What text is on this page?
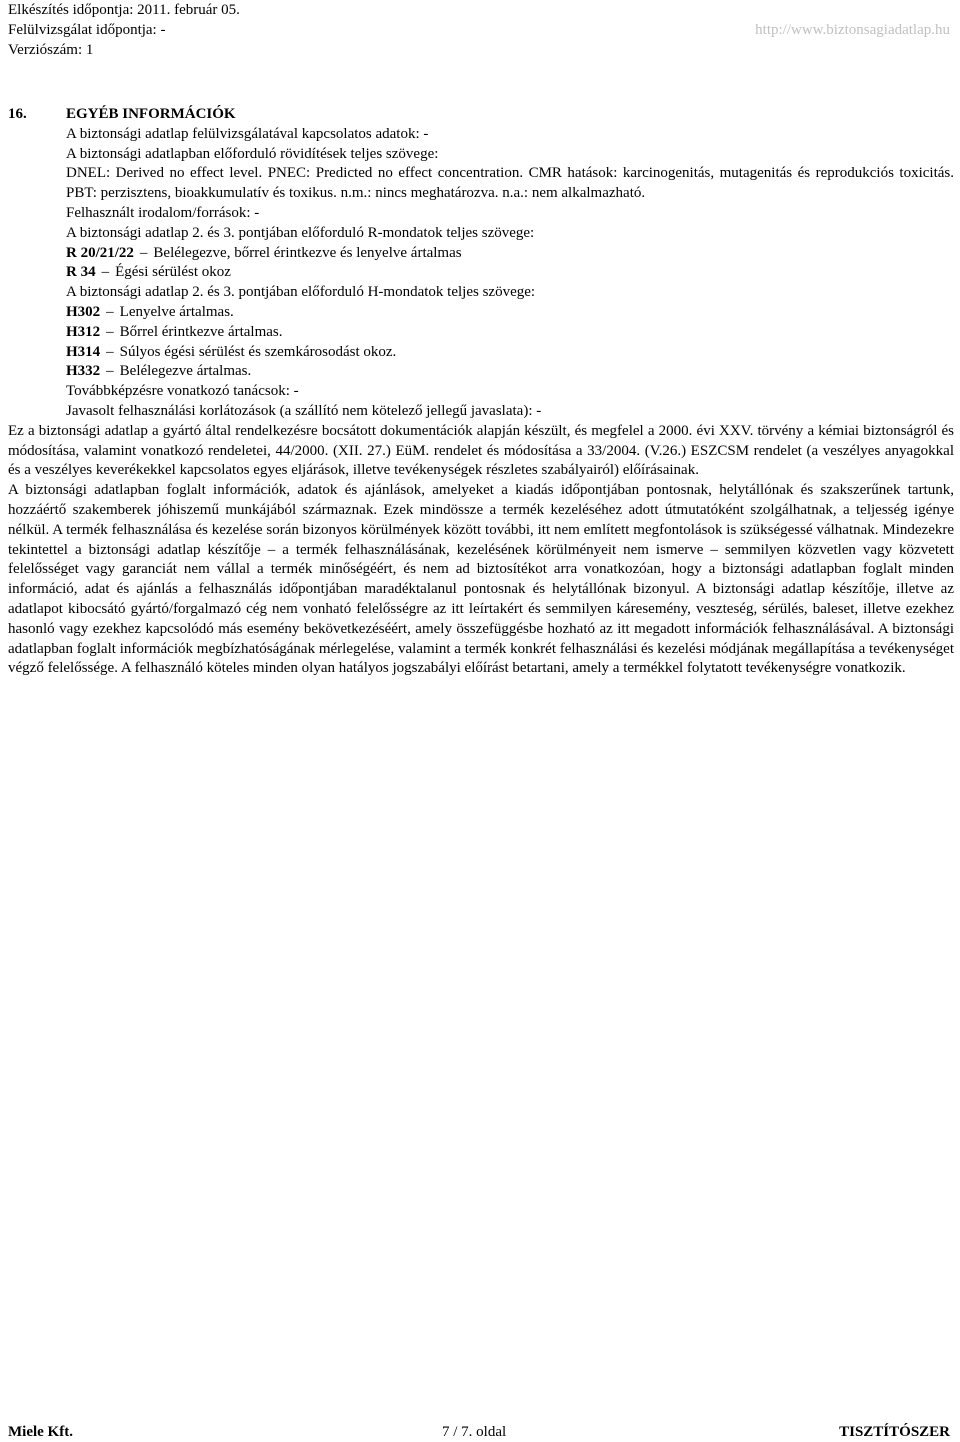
Elkészítés időpontja: 2011. február 05.
Felülvizsgálat időpontja: -
Verziószám: 1
http://www.biztonsagiadatlap.hu
16.	EGYÉB INFORMÁCIÓK

A biztonsági adatlap felülvizsgálatával kapcsolatos adatok: -

A biztonsági adatlapban előforduló rövidítések teljes szövege:

DNEL: Derived no effect level. PNEC: Predicted no effect concentration. CMR hatások: karcinogenitás, mutagenitás és reprodukciós toxicitás. PBT: perzisztens, bioakkumulatív és toxikus. n.m.: nincs meghatározva. n.a.: nem alkalmazható.

Felhasznált irodalom/források: -

A biztonsági adatlap 2. és 3. pontjában előforduló R-mondatok teljes szövege:

R 20/21/22 – Belélegezve, bőrrel érintkezve és lenyelve ártalmas

R 34 – Égési sérülést okoz

A biztonsági adatlap 2. és 3. pontjában előforduló H-mondatok teljes szövege:

H302 – Lenyelve ártalmas.

H312 – Bőrrel érintkezve ártalmas.

H314 – Súlyos égési sérülést és szemkárosodást okoz.

H332 – Belélegezve ártalmas.

Továbbképzésre vonatkozó tanácsok: -

Javasolt felhasználási korlátozások (a szállító nem kötelező jellegű javaslata): -

Ez a biztonsági adatlap a gyártó által rendelkezésre bocsátott dokumentációk alapján készült, és megfelel a 2000. évi XXV. törvény a kémiai biztonságról és módosítása, valamint vonatkozó rendeletei, 44/2000. (XII. 27.) EüM. rendelet és módosítása a 33/2004. (V.26.) ESZCSM rendelet (a veszélyes anyagokkal és a veszélyes keverékekkel kapcsolatos egyes eljárások, illetve tevékenységek részletes szabályairól) előírásainak.

A biztonsági adatlapban foglalt információk, adatok és ajánlások, amelyeket a kiadás időpontjában pontosnak, helytállónak és szakszerűnek tartunk, hozzáértő szakemberek jóhiszemű munkájából származnak. Ezek mindössze a termék kezeléséhez adott útmutatóként szolgálhatnak, a teljesség igénye nélkül. A termék felhasználása és kezelése során bizonyos körülmények között további, itt nem említett megfontolások is szükségessé válhatnak. Mindezekre tekintettel a biztonsági adatlap készítője – a termék felhasználásának, kezelésének körülményeit nem ismerve – semmilyen közvetlen vagy közvetett felelősséget vagy garanciát nem vállal a termék minőségéért, és nem ad biztosítékot arra vonatkozóan, hogy a biztonsági adatlapban foglalt minden információ, adat és ajánlás a felhasználás időpontjában maradéktalanul pontosnak és helytállónak bizonyul. A biztonsági adatlap készítője, illetve az adatlapot kibocsátó gyártó/forgalmazó cég nem vonható felelősségre az itt leírtakért és semmilyen káresemény, veszteség, sérülés, baleset, illetve ezekhez hasonló vagy ezekhez kapcsolódó más esemény bekövetkezéséért, amely összefüggésbe hozható az itt megadott információk felhasználásával. A biztonsági adatlapban foglalt információk megbízhatóságának mérlegelése, valamint a termék konkrét felhasználási és kezelési módjának megállapítása a tevékenységet végző felelőssége. A felhasználó köteles minden olyan hatályos jogszabályi előírást betartani, amely a termékkel folytatott tevékenységre vonatkozik.

Miele Kft.	7 / 7. oldal	TISZTÍTÓSZER
